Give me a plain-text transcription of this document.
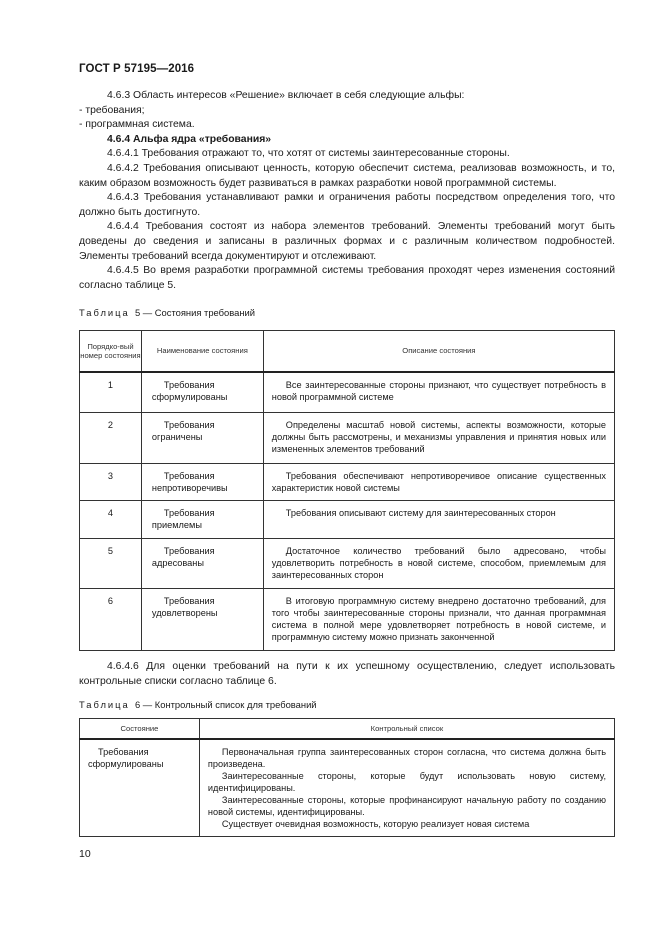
ГОСТ Р 57195—2016

4.6.3 Область интересов «Решение» включает в себя следующие альфы:

- требования;

- программная система.

4.6.4 Альфа ядра «требования»

4.6.4.1 Требования отражают то, что хотят от системы заинтересованные стороны.

4.6.4.2 Требования описывают ценность, которую обеспечит система, реализовав возможность, и то, каким образом возможность будет развиваться в рамках разработки новой программной системы.

4.6.4.3 Требования устанавливают рамки и ограничения работы посредством определения того, что должно быть достигнуто.

4.6.4.4 Требования состоят из набора элементов требований. Элементы требований могут быть доведены до сведения и записаны в различных формах и с различным количеством подробностей. Элементы требований всегда документируют и отслеживают.

4.6.4.5 Во время разработки программной системы требования проходят через изменения состояний согласно таблице 5.

Таблица 5 — Состояния требований
Порядко-вый номер состояния	Наименование состояния	Описание состояния
1	Требования сформулированы	Все заинтересованные стороны признают, что существует потребность в новой программной системе

2	Требования ограничены	Определены масштаб новой системы, аспекты возможности, которые должны быть рассмотрены, и механизмы управления и принятия новых или измененных элементов требований

3	Требования непротиворечивы	Требования обеспечивают непротиворечивое описание существенных характеристик новой системы

4	Требования приемлемы	Требования описывают систему для заинтересованных сторон

5	Требования адресованы	Достаточное количество требований было адресовано, чтобы удовлетворить потребность в новой системе, способом, приемлемым для заинтересованных сторон

6	Требования удовлетворены	В итоговую программную систему внедрено достаточно требований, для того чтобы заинтересованные стороны признали, что данная программная система в полной мере удовлетворяет потребность в новой системе, и программную систему можно признать законченной

4.6.4.6 Для оценки требований на пути к их успешному осуществлению, следует использовать контрольные списки согласно таблице 6.

Таблица 6 — Контрольный список для требований
Состояние	Контрольный список

Требования сформулированы	Первоначальная группа заинтересованных сторон согласна, что система должна быть произведена.
Заинтересованные стороны, которые будут использовать новую систему, идентифицированы.
Заинтересованные стороны, которые профинансируют начальную работу по созданию новой системы, идентифицированы.
Существует очевидная возможность, которую реализует новая система
10
